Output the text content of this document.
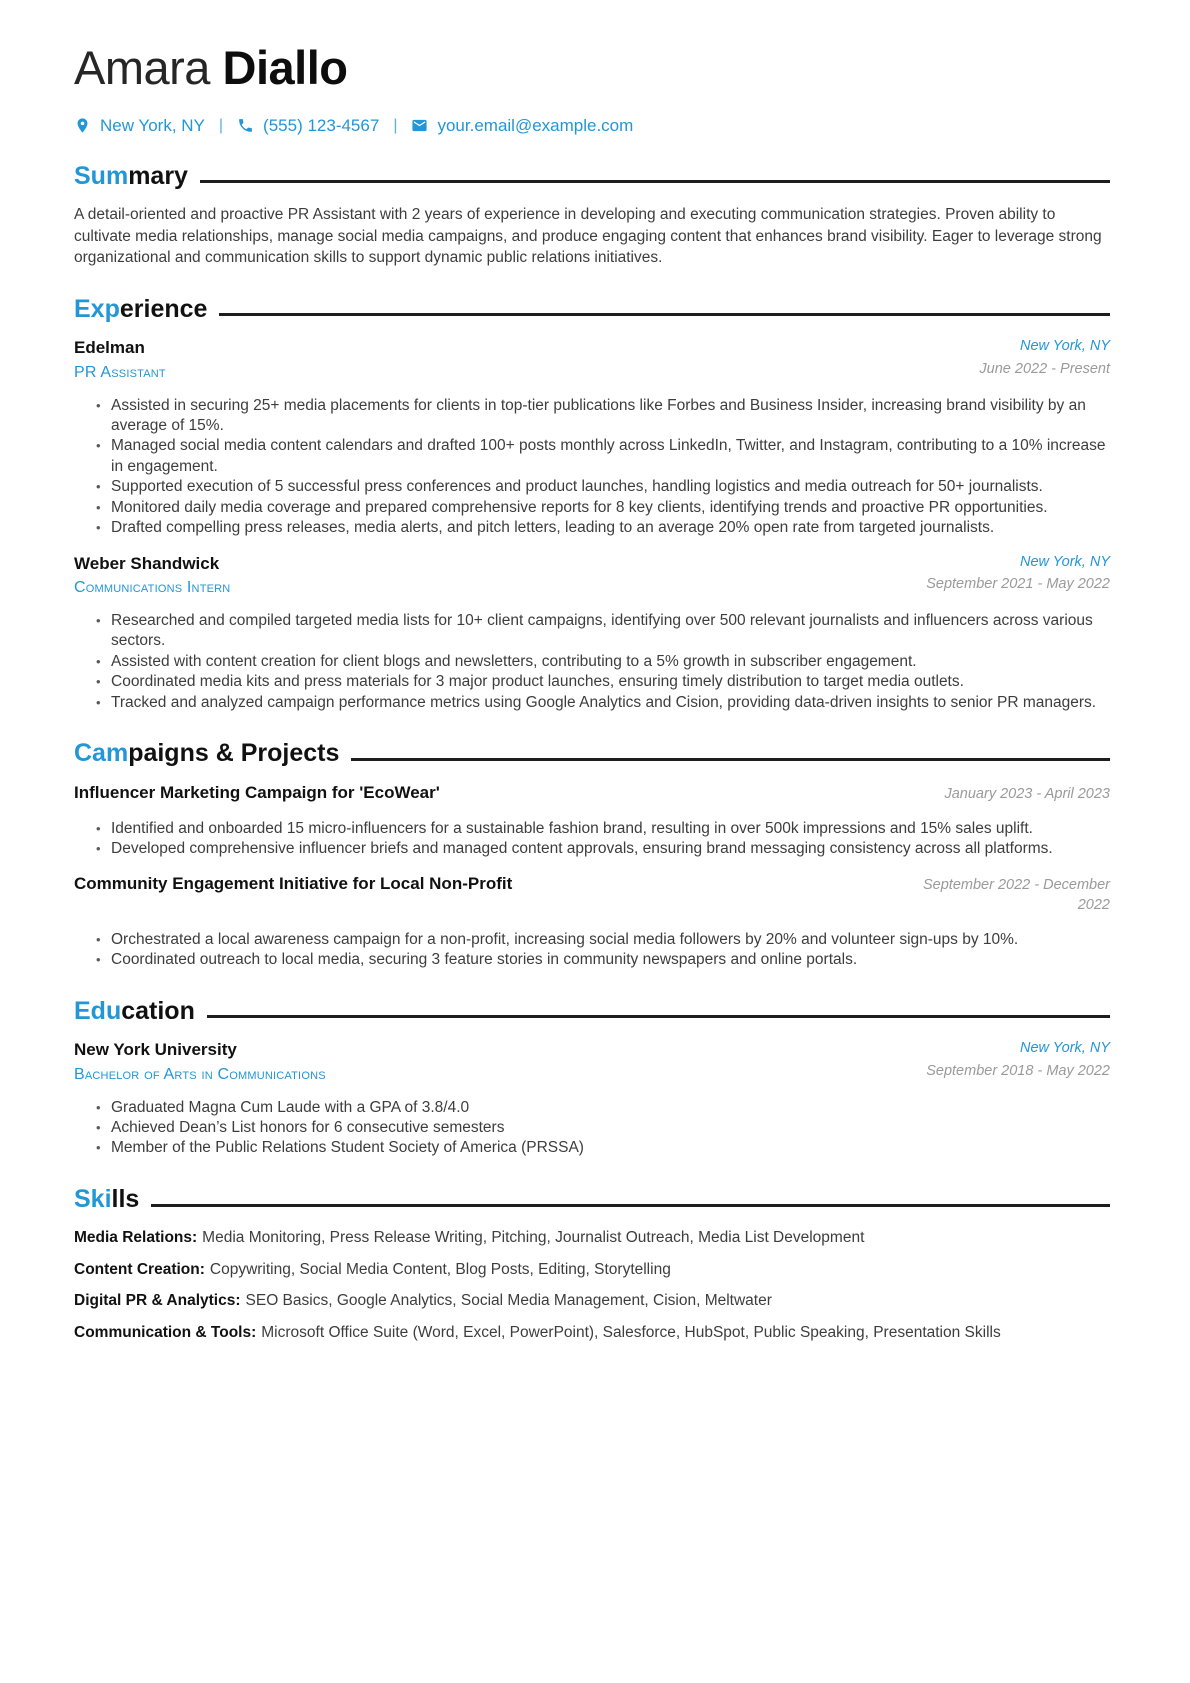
Amara Diallo
New York, NY | (555) 123-4567 | your.email@example.com
Sum mary

A detail-oriented and proactive PR Assistant with 2 years of experience in developing and executing communication strategies. Proven ability to cultivate media relationships, manage social media campaigns, and produce engaging content that enhances brand visibility. Eager to leverage strong organizational and communication skills to support dynamic public relations initiatives.

Exp erience
Edelman
PR Assistant
New York, NY
June 2022 - Present
• Assisted in securing 25+ media placements for clients in top-tier publications like Forbes and Business Insider, increasing brand visibility by an average of 15%.
• Managed social media content calendars and drafted 100+ posts monthly across LinkedIn, Twitter, and Instagram, contributing to a 10% increase in engagement.
• Supported execution of 5 successful press conferences and product launches, handling logistics and media outreach for 50+ journalists.
• Monitored daily media coverage and prepared comprehensive reports for 8 key clients, identifying trends and proactive PR opportunities.
• Drafted compelling press releases, media alerts, and pitch letters, leading to an average 20% open rate from targeted journalists.
Weber Shandwick
Communications Intern
New York, NY
September 2021 - May 2022
• Researched and compiled targeted media lists for 10+ client campaigns, identifying over 500 relevant journalists and influencers across various sectors.
• Assisted with content creation for client blogs and newsletters, contributing to a 5% growth in subscriber engagement.
• Coordinated media kits and press materials for 3 major product launches, ensuring timely distribution to target media outlets.
• Tracked and analyzed campaign performance metrics using Google Analytics and Cision, providing data-driven insights to senior PR managers.
Cam paigns & Projects
Influencer Marketing Campaign for 'EcoWear'	January 2023 - April 2023
• Identified and onboarded 15 micro-influencers for a sustainable fashion brand, resulting in over 500k impressions and 15% sales uplift.
• Developed comprehensive influencer briefs and managed content approvals, ensuring brand messaging consistency across all platforms.
Community Engagement Initiative for Local Non-Profit	September 2022 - December 2022
• Orchestrated a local awareness campaign for a non-profit, increasing social media followers by 20% and volunteer sign-ups by 10%.
• Coordinated outreach to local media, securing 3 feature stories in community newspapers and online portals.
Edu cation
New York University
Bachelor of Arts in Communications
New York, NY
September 2018 - May 2022
• Graduated Magna Cum Laude with a GPA of 3.8/4.0
• Achieved Dean’s List honors for 6 consecutive semesters
• Member of the Public Relations Student Society of America (PRSSA)
Ski lls

Media Relations: Media Monitoring, Press Release Writing, Pitching, Journalist Outreach, Media List Development

Content Creation: Copywriting, Social Media Content, Blog Posts, Editing, Storytelling

Digital PR & Analytics: SEO Basics, Google Analytics, Social Media Management, Cision, Meltwater

Communication & Tools: Microsoft Office Suite (Word, Excel, PowerPoint), Salesforce, HubSpot, Public Speaking, Presentation Skills
